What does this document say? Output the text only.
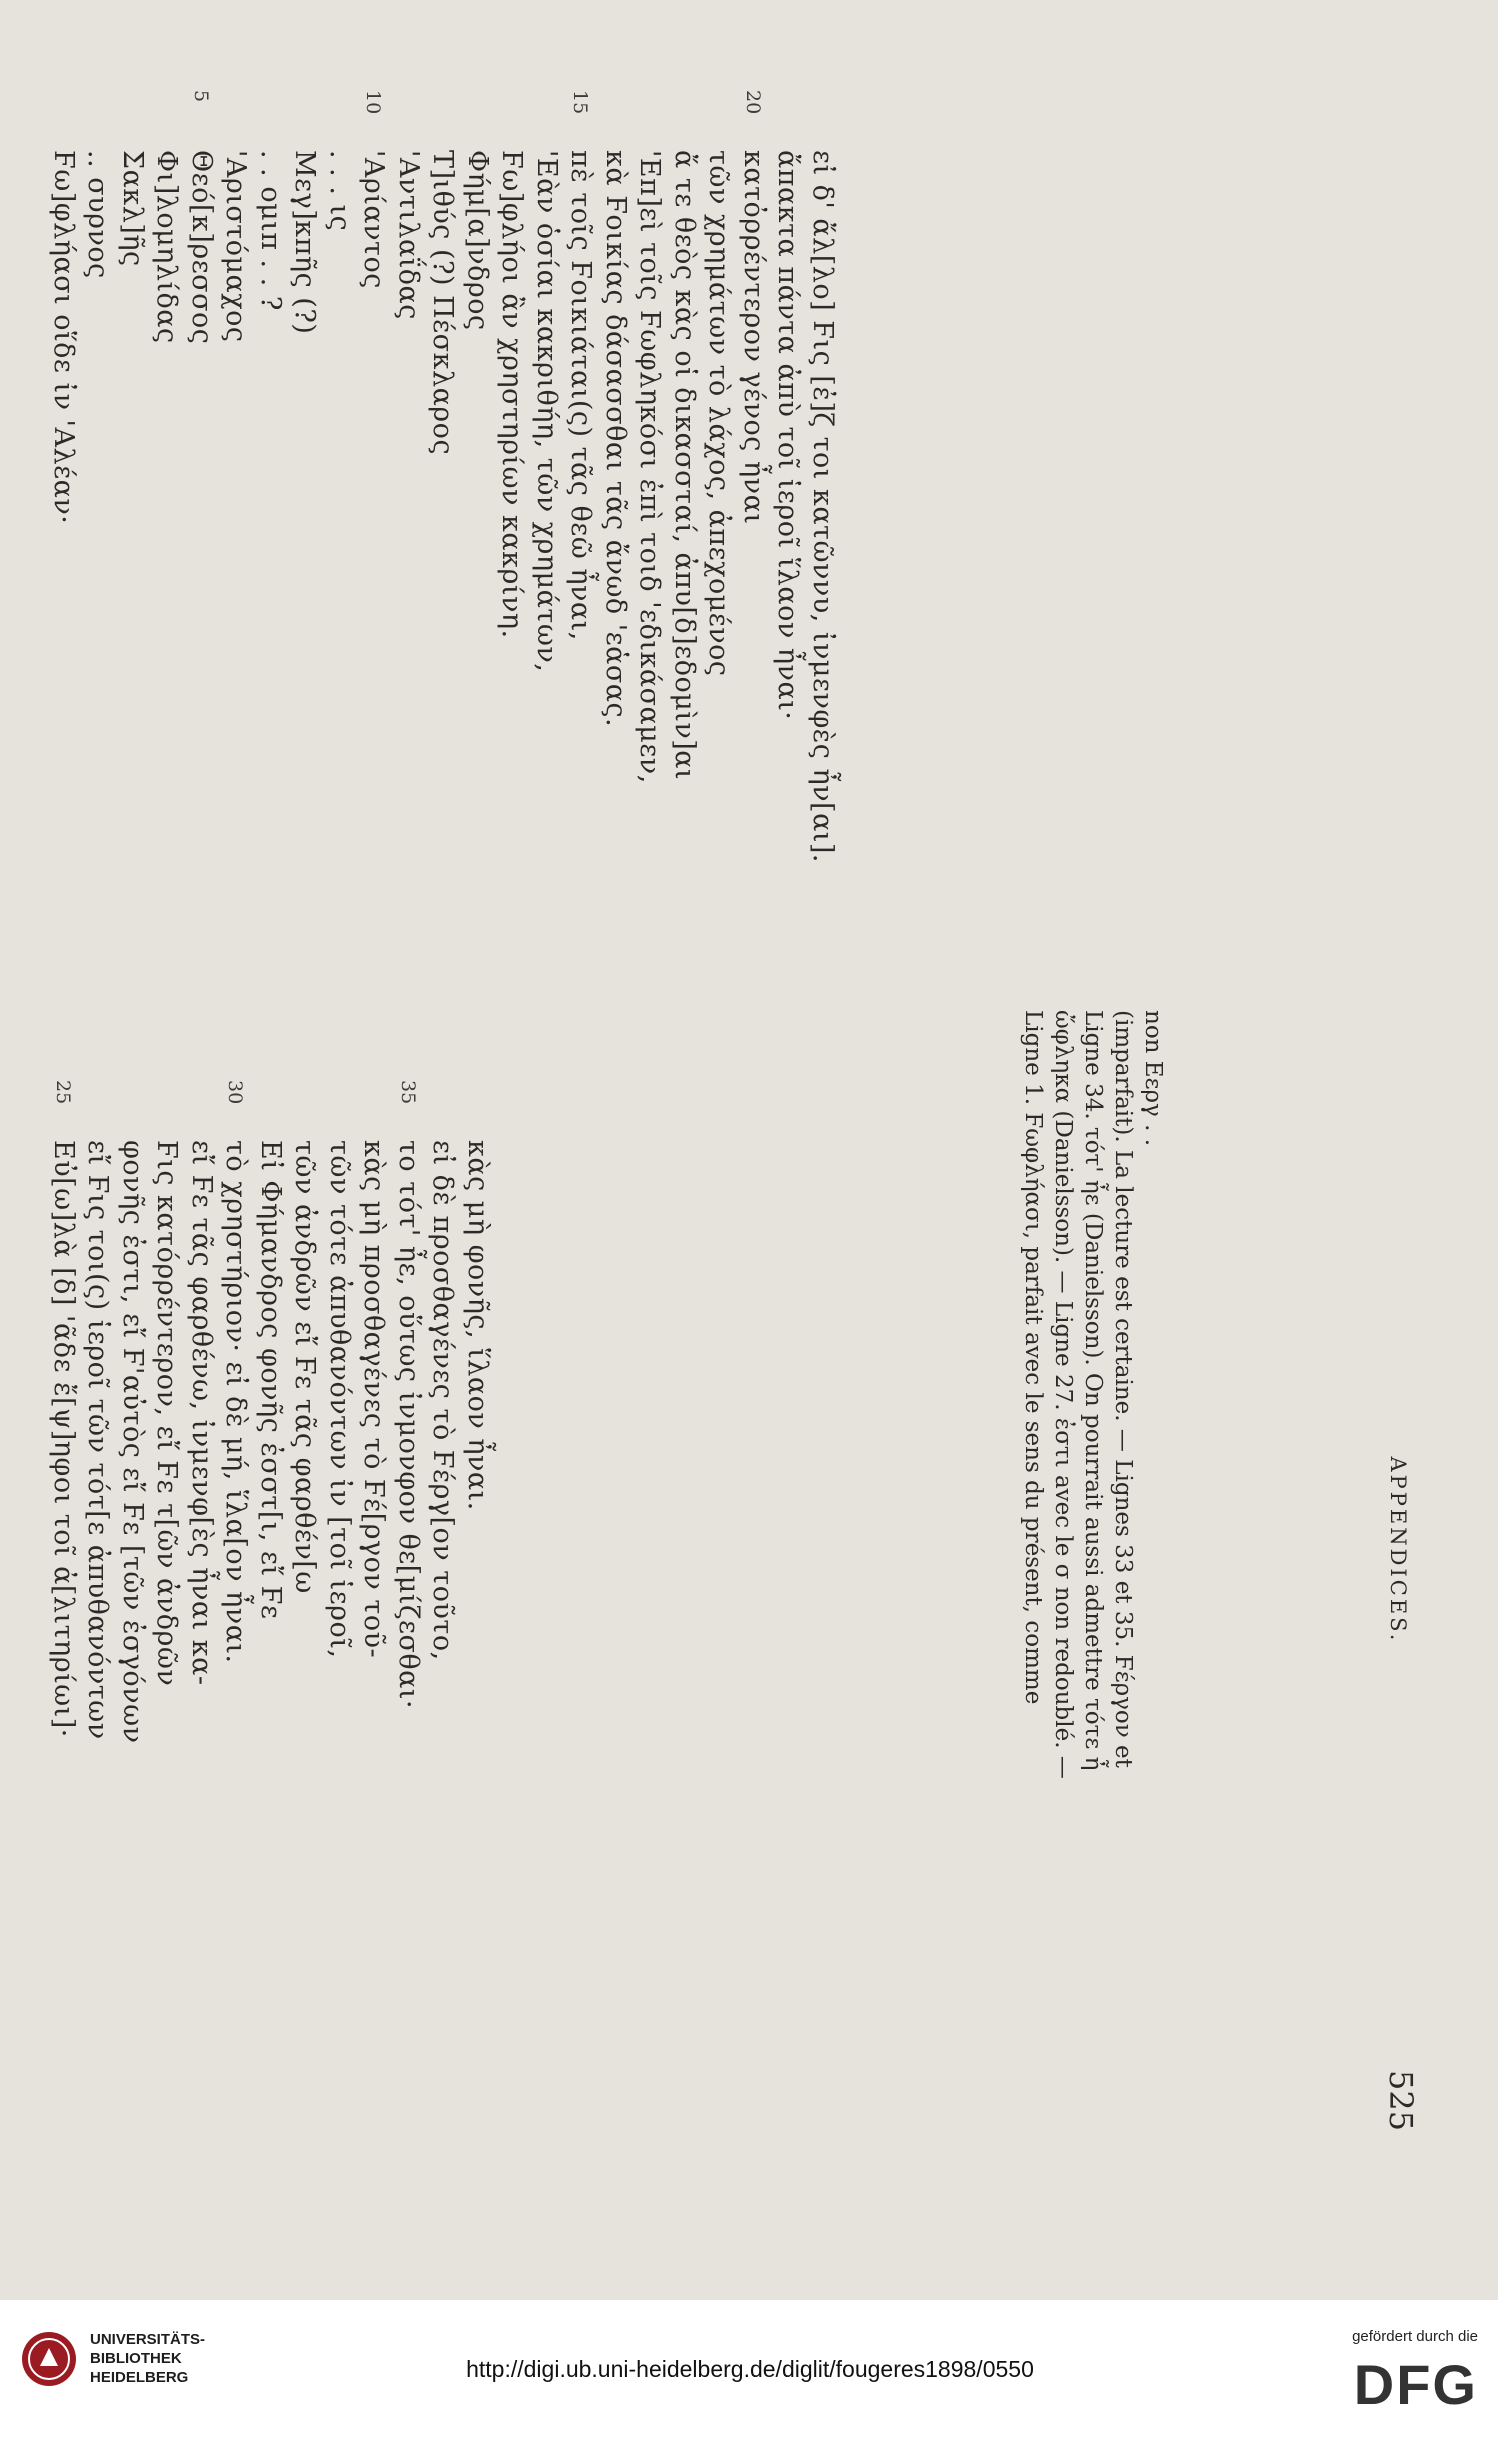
APPENDICES.
525
Ϝω]φλήασι οἵδε ἰν 'Αλέαν· .. συρνος Σακλ]ῆς Φι]λομηλίδας Θεό[κ]ρεσσος 'Αριστόμαχος . . ομιπ . . ? Μεγ]κπῆς (?) . . . ις 'Αρίαντος 'Αντιλαΐδας Τ]ιθύς (?) Πέσκλαρος Φήμ[α]νδρος Ϝω]φλήοι ἂν χρηστηρίων κακρίνη. 'Εὰν ὁσίαι κακριθήη, τῶν χρημάτων, πὲ τοῖς Ϝοικιάται(ς) τᾶς θεῶ ἦναι, κὰ Ϝοικίας δάσασσθαι τᾶς ἄνωδ 'εἁσας. 'Επ]εὶ τοῖς Ϝωφληκόσι ἐπὶ τοιδ 'εδικάσαμεν, ἄ τε θεὸς κὰς οἱ δικασσταί, ἀπυ[δ]εδομὶν]αι τῶν χρημάτων τὸ λάχος, ἀπεχομένος κατὀρρέντερον γένος ἦναι ἄπακτα πάντα ἀπὺ τοῖ ἱεροῖ ἵλαον ἦναι· εἰ δ' ἄλ[λο] Ϝις [ἐ]ζ τοι κατῶννυ, ἰνμενφὲς ἦν[αι].
5	10	15	20
Εὐ[ω]λὰ [δ] 'ᾶδε ἔ[ψ]ηφοι τοῖ ἀ[λιτηρίωι]· εἴ Ϝις τοι(ς) ἱεροῖ τῶν τότ[ε ἀπυθανόντων φονῆς ἐστι, εἴ Ϝ'αὐτὸς εἴ Ϝε [τῶν ἐσγόνων Ϝις κατόρρέντερον, εἴ Ϝε τ[ῶν ἀνδρῶν εἴ Ϝε τᾶς φαρθένω, ἰνμενφ[ὲς ἦναι κα- τὸ χρηστήριον· εἰ δὲ μή, ἵλα[ον ἦναι. Εἰ Φήμανδρος φονῆς ἐσστ[ι, εἴ Ϝε τῶν ἀνδρῶν εἴ Ϝε τᾶς φαρθέν[ω τῶν τότε ἀπυθανόντων ἰν [τοῖ ἱεροῖ, κὰς μὴ προσθαγένες τὸ Ϝέ[ργον τοῦ- το τότ' ἦε, οὕτως ἰνμονφον θε[μίζεσθαι· εἰ δὲ προσθαγένες τὸ Ϝέργ[ον τοῦτο, κὰς μὴ φονῆς, ἵλαον ἦναι.
25	30	35	Ligne 1. Ϝωφλήασι, parfait avec le sens du présent, comme ὤφληκα (Danielsson). — Ligne 27. ἐστι avec le σ non redoublé. — Ligne 34. τότ' ἦε (Danielsson). On pourrait aussi admettre τότε ἦ (imparfait). La lecture est certaine. — Lignes 33 et 35. Ϝέργον et non Εεργ . .

UNIVERSITÄTS-
BIBLIOTHEK
HEIDELBERG	http://digi.ub.uni-heidelberg.de/diglit/fougeres1898/0550
gefördert durch die
DFG
